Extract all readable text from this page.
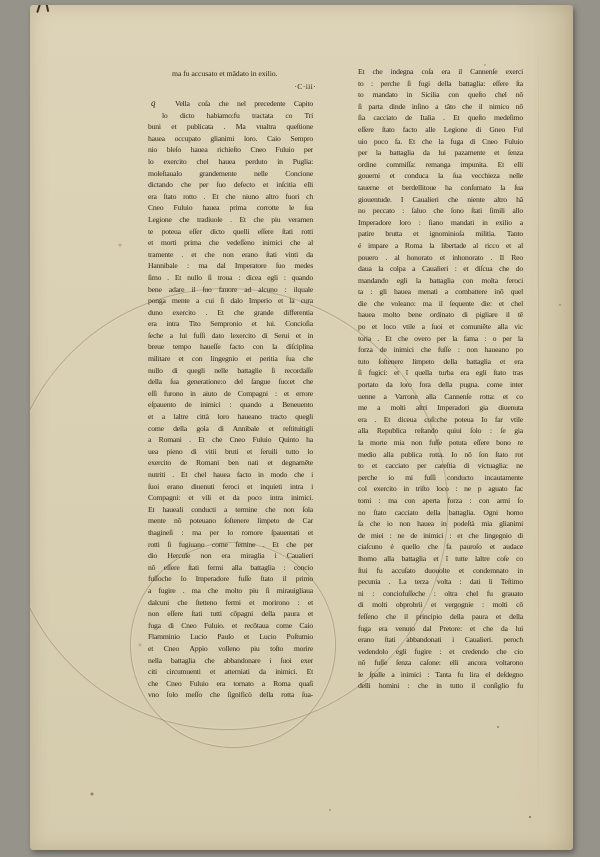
ma fu accusato et mãdato in exilio.
·C·iii·
q	Vella coſa che nel precedente Capito
lo dicto habiamo:fu tractata co Tri
buni et publicata . Ma vnaltra queſtione
hauea occupato glianimi loro. Caio Sempro
nio bleſo hauea richieſto Cneo Fuluio per
lo exercito chel hauea perduto in Puglia:
moleſtaualo grandemente nelle Concione
dictando che per ſuo defecto et inſcitia elli
era ſtato rotto . Et che niuno altro fuori ch
Cneo Fuluio hauea prima corrotte le ſua
Legione che tradiuole . Et che piu veramen
te poteua eſſer dicto quelli eſſere ſtati rotti
et morti prima che vedeſſeno inimici che al
tramente . et che non erano ſtati vinti da
Hannibale : ma dal Imperatore ſuo medes
ſimo . Et nullo ſi troua : dicea egli : quando
bene adare il ſuo fauore ad alcuno : ilquale
ponga mente a cui ſi dalo Imperio et la cura
duno exercito . Et che grande differentia
era intra Tito Sempronio et lui. Concioſia
ſeche a lui fuſſi dato lexercito di Serui et in
breue tempo haueſſe facto con la diſciplina
militare et con lingegnio et peritia ſua che
nullo di quegli nelle battaglie ſi recordaſſe
della ſua generatione:o del ſangue ſuo:et che
eſſi furono in aiuto de Compagni : et errore
eſpauento de inimici : quando a Beneuento
et a laltre città loro haueano tracto quegli
come della gola di Annibale et reſtituitigli
a Romani . Et che Cneo Fuluio Quinto ha
uea pieno di vitii bruti et ſeruili tutto lo
exercito de Romani ben nati et degnamẽte
nutriti . Et chel hauea facto in modo che i
ſuoi erano diuenuti feroci et inquieti intra i
Compagni: et vili et da poco intra inimici.
Et haueali conducti a termine che non ſola
mente nõ poteuano ſoſtenere limpeto de Car
thagineſi : ma per lo romore ſpauentati et
rotti ſi fugiuano come femine . Et che per
dio Hercule non era miraglia i Caualieri
nõ eſſere ſtati fermi alla battaglia : concio
fuſſoche lo Imperadore fuſſe ſtato il primo
a fugire . ma che molto piu ſi mirauigliaua
dalcuni che ſtetteno fermi et morirono : et
non eſſere ſtati tutti cõpagni della paura et
fuga di Cneo Fuluio. et recõtaua come Caio
Flamminio Lucio Paulo et Lucio Poſtumio
et Cneo Appio volleno piu toſto morire
nella battaglia che abbandonare i ſuoi exer
citi circumuenti et atterniati da inimici. Et
che Cneo Fuluio era tornato a Roma quaſi
vno ſolo meſſo che ſignificò della rotta ſua-
Et che indegna coſa era il Cannenſe exerci
to : perche ſi fugi della battaglia: eſſere ſta
to mandato in Sicilia con queſto chel nõ
ſi parta dinde inſino a tãto che il nimico nõ
ſia cacciato de Italia . Et queſto medeſimo
eſſere ſtato facto alle Legione di Gneo Ful
uio poco fa. Et che la fuga di Cneo Fuluio
per la battaglia da lui pazamente et ſenza
ordine commiſſa: remanga impunita. Et elli
gouerni et conduca la ſua vecchieza nelle
tauerne et berdellitoue ha conſumato la ſua
giouentude. I Caualieri che niente altro hã
no peccato : ſaluo che ſono ſtati ſimili allo
Imperadore loro : ſiano mandati in exilio a
patire brutta et ignominioſa militia. Tanto
é impare a Roma la libertade al ricco et al
pouero . al honorato et inhonorato . Il Reo
daua la colpa a Caualieri : et diſcua che do
mandando egli la battaglia con molta feroci
ta : gli hauea menati a combattere inõ quel
die che voleano: ma il ſequente die: et chel
hauea molto bene ordinato di pigliare il tẽ
po et loco vtile a ſuoi et comuniẽte alla vic
toria . Et che overo per la fama : o per la
forza de inimici che fuſſe : non haueano po
tuto ſoſtenere limpeto della battaglia et era
ſi fugici: et ĩ quella turba era egli ſtato tras
portato da loro fora della pugna. come inter
uenne a Varrone alla Cannenſe rotta: et co
me a molti altri Imperadori gia diuenuta
era . Et diceua coſi:che poteua Io far vtile
alla Republica reſtando quiui ſolo : ſe gia
la morte mia non fuſſe potuta eſſere bono re
medio alla publica rotta. Io nõ ſon ſtato rot
to et cacciato per careſtia di victuaglia: ne
perche io mi fuſſi conducto incautamente
col exercito in triſto loco : ne p aguato fac
tomi : ma con aperta forza : con armi ſo
no ſtato cacciato della battaglia. Ogni homo
ſa che io non hauea in podeſtà mia glianimi
de miei : ne de inimici : et che lingegnio di
ciaſcuno é quello che fa pauroſo et audace
lhomo alla battaglia et ĩ tutte laltre coſe co
ſtui fu accuſato duouolte et condemnato in
pecunia . La terza volta : dati li Teſtimo
ni : conciofuſſeche : oltra chel fu grauato
di molti obprobrii et vergognie : molti cõ
feſſeno che il principio della paura et della
fuga era venuto dal Pretore: et che da lui
erano ſtati abbandonati i Caualieri. peroch
vedendolo egli fugire : et credendo che cio
nõ fuſſe ſenza caſone: elli ancora voltarono
le ſpalle a inimici : Tanta fu lira el deſdegno
delli homini : che in tutto il conſiglio fu
